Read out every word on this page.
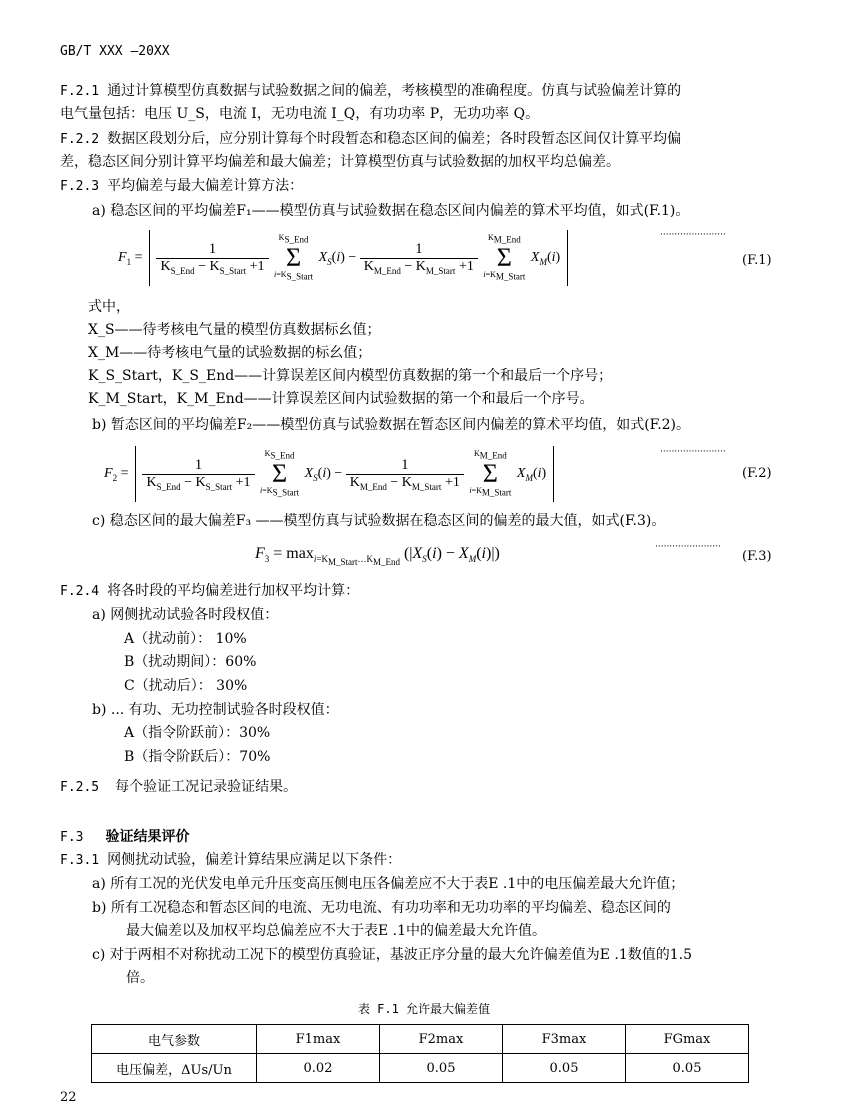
GB/T XXX —20XX
F.2.1 通过计算模型仿真数据与试验数据之间的偏差，考核模型的准确程度。仿真与试验偏差计算的
电气量包括：电压 U_S，电流 I，无功电流 I_Q，有功功率 P，无功功率 Q。
F.2.2 数据区段划分后，应分别计算每个时段暂态和稳态区间的偏差；各时段暂态区间仅计算平均偏
差，稳态区间分别计算平均偏差和最大偏差；计算模型仿真与试验数据的加权平均总偏差。
F.2.3 平均偏差与最大偏差计算方法：
a) 稳态区间的平均偏差F₁——模型仿真与试验数据在稳态区间内偏差的算术平均值，如式(F.1)。
$F_1 = \frac{1}{K_{S\_End} - K_{S\_Start} +1}$

$K_{S\_End}$
Σ
$i=K_{S\_Start}$
$X_S(i) - \frac{1}{K_{M\_End} - K_{M\_Start} +1}$

$K_{M\_End}$
Σ
$i=K_{M\_Start}$
$X_M(i)$
·······················
(F.1)
式中，
X_S——待考核电气量的模型仿真数据标幺值；
X_M——待考核电气量的试验数据的标幺值；
K_S_Start，K_S_End——计算误差区间内模型仿真数据的第一个和最后一个序号；
K_M_Start，K_M_End——计算误差区间内试验数据的第一个和最后一个序号。
b) 暂态区间的平均偏差F₂——模型仿真与试验数据在暂态区间内偏差的算术平均值，如式(F.2)。
$F_2 = \frac{1}{K_{S\_End} - K_{S\_Start} +1}$

$K_{S\_End}$
Σ
$i=K_{S\_Start}$
$X_S(i) - \frac{1}{K_{M\_End} - K_{M\_Start} +1}$

$K_{M\_End}$
Σ
$i=K_{M\_Start}$
$X_M(i)$
·······················
(F.2)
c) 稳态区间的最大偏差F₃ ——模型仿真与试验数据在稳态区间的偏差的最大值，如式(F.3)。
$F_3 = \max_{i=K_{M\_Start}\dots K_{M\_End}} (|X_S(i) - X_M(i)|)$	·······················
(F.3)
F.2.4 将各时段的平均偏差进行加权平均计算：
a) 网侧扰动试验各时段权值：
A（扰动前）： 10%
B（扰动期间）：60%
C（扰动后）： 30%
b) ... 有功、无功控制试验各时段权值：
A（指令阶跃前）：30%
B（指令阶跃后）：70%
F.2.5 每个验证工况记录验证结果。
F.3 验证结果评价
F.3.1 网侧扰动试验，偏差计算结果应满足以下条件：
a) 所有工况的光伏发电单元升压变高压侧电压各偏差应不大于表E .1中的电压偏差最大允许值；
b) 所有工况稳态和暂态区间的电流、无功电流、有功功率和无功功率的平均偏差、稳态区间的
最大偏差以及加权平均总偏差应不大于表E .1中的偏差最大允许值。
c) 对于两相不对称扰动工况下的模型仿真验证，基波正序分量的最大允许偏差值为E .1数值的1.5
倍。
表 F.1 允许最大偏差值
电气参数	F1max	F2max	F3max	FGmax
电压偏差，ΔUs/Un	0.02	0.05	0.05	0.05
22
